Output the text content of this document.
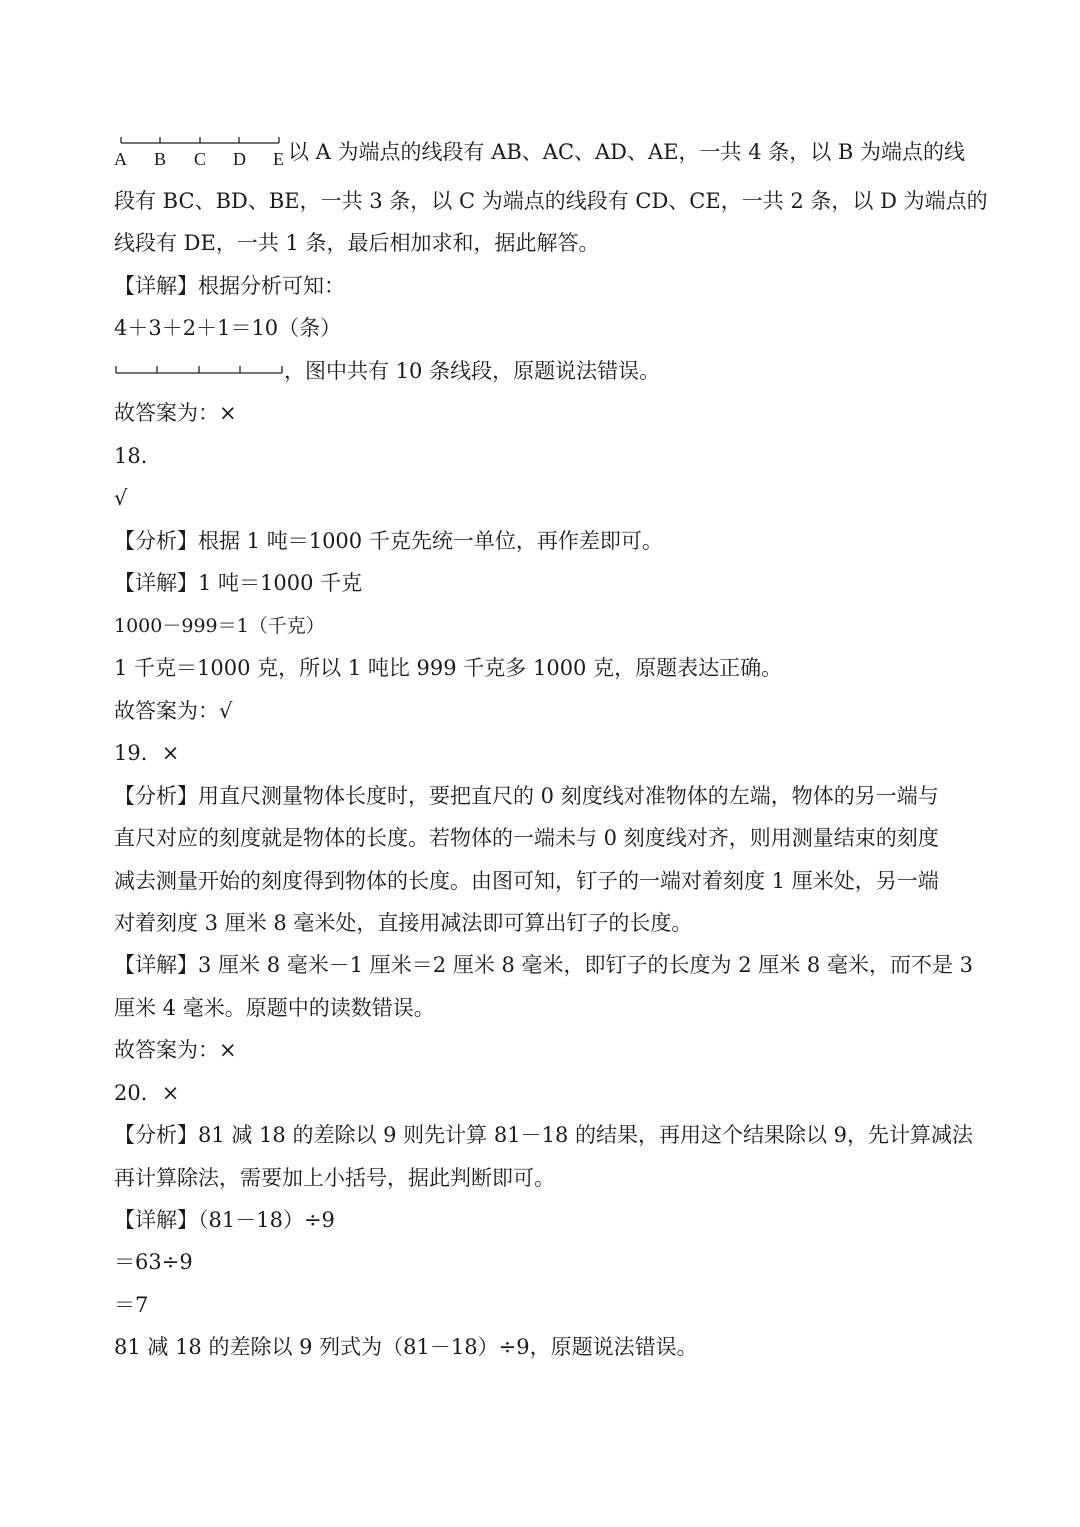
A B C D E 以 A 为端点的线段有 AB、AC、AD、AE，一共 4 条，以 B 为端点的线
段有 BC、BD、BE，一共 3 条，以 C 为端点的线段有 CD、CE，一共 2 条，以 D 为端点的
线段有 DE，一共 1 条，最后相加求和，据此解答。
【详解】根据分析可知：
4＋3＋2＋1＝10（条）
，图中共有 10 条线段，原题说法错误。
故答案为：×
18．
√
【分析】根据 1 吨＝1000 千克先统一单位，再作差即可。
【详解】1 吨＝1000 千克
1000－999＝1（千克）
1 千克＝1000 克，所以 1 吨比 999 千克多 1000 克，原题表达正确。
故答案为：√
19．×
【分析】用直尺测量物体长度时，要把直尺的 0 刻度线对准物体的左端，物体的另一端与
直尺对应的刻度就是物体的长度。若物体的一端未与 0 刻度线对齐，则用测量结束的刻度
减去测量开始的刻度得到物体的长度。由图可知，钉子的一端对着刻度 1 厘米处，另一端
对着刻度 3 厘米 8 毫米处，直接用减法即可算出钉子的长度。
【详解】3 厘米 8 毫米－1 厘米＝2 厘米 8 毫米，即钉子的长度为 2 厘米 8 毫米，而不是 3
厘米 4 毫米。原题中的读数错误。
故答案为：×
20．×
【分析】81 减 18 的差除以 9 则先计算 81－18 的结果，再用这个结果除以 9，先计算减法
再计算除法，需要加上小括号，据此判断即可。
【详解】（81－18）÷9
＝63÷9
＝7
81 减 18 的差除以 9 列式为（81－18）÷9，原题说法错误。
